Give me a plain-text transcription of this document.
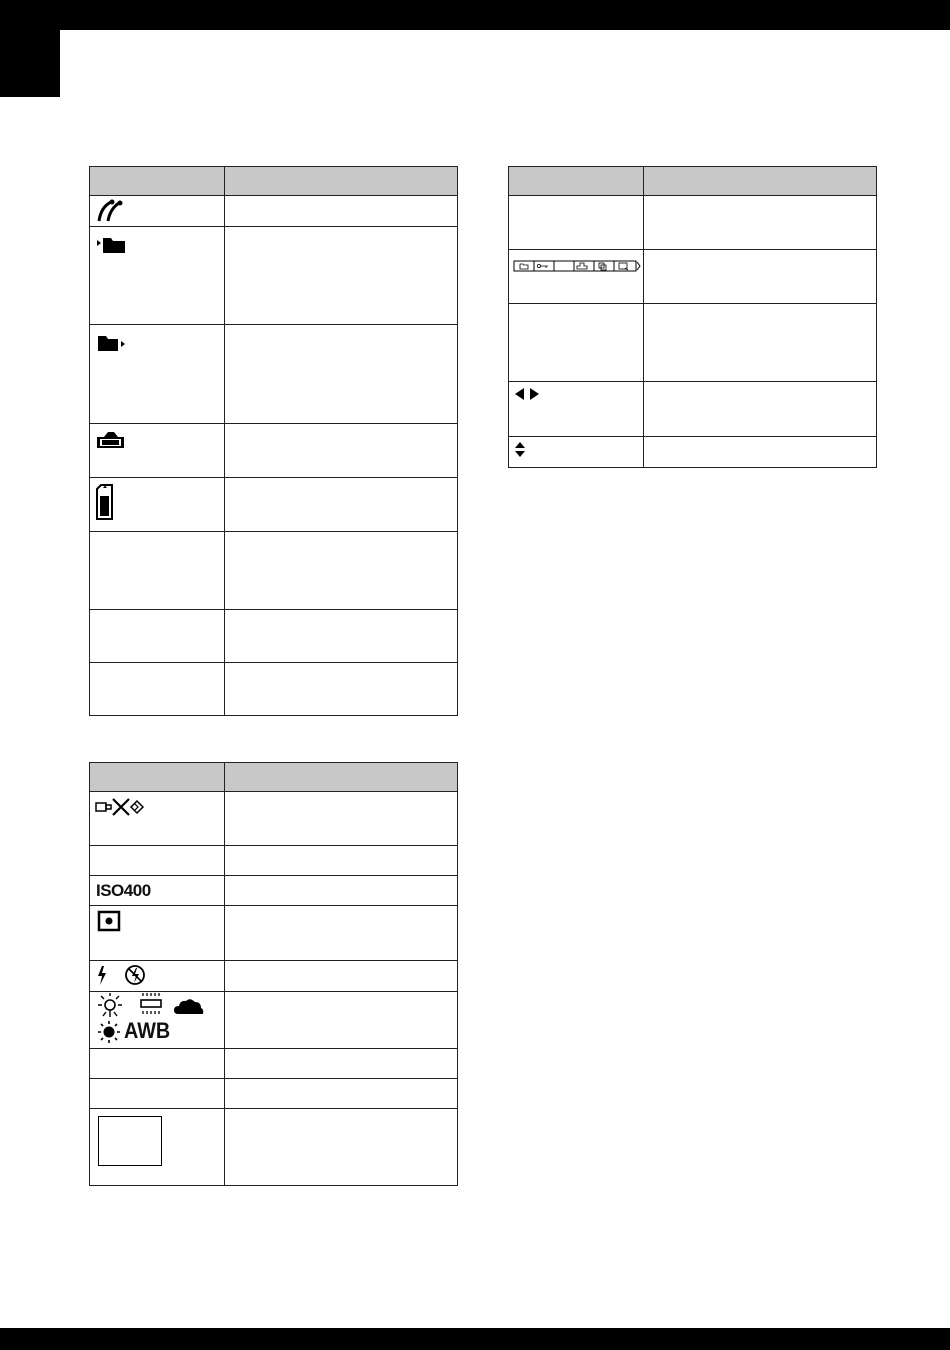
ISO400	

AWB	
